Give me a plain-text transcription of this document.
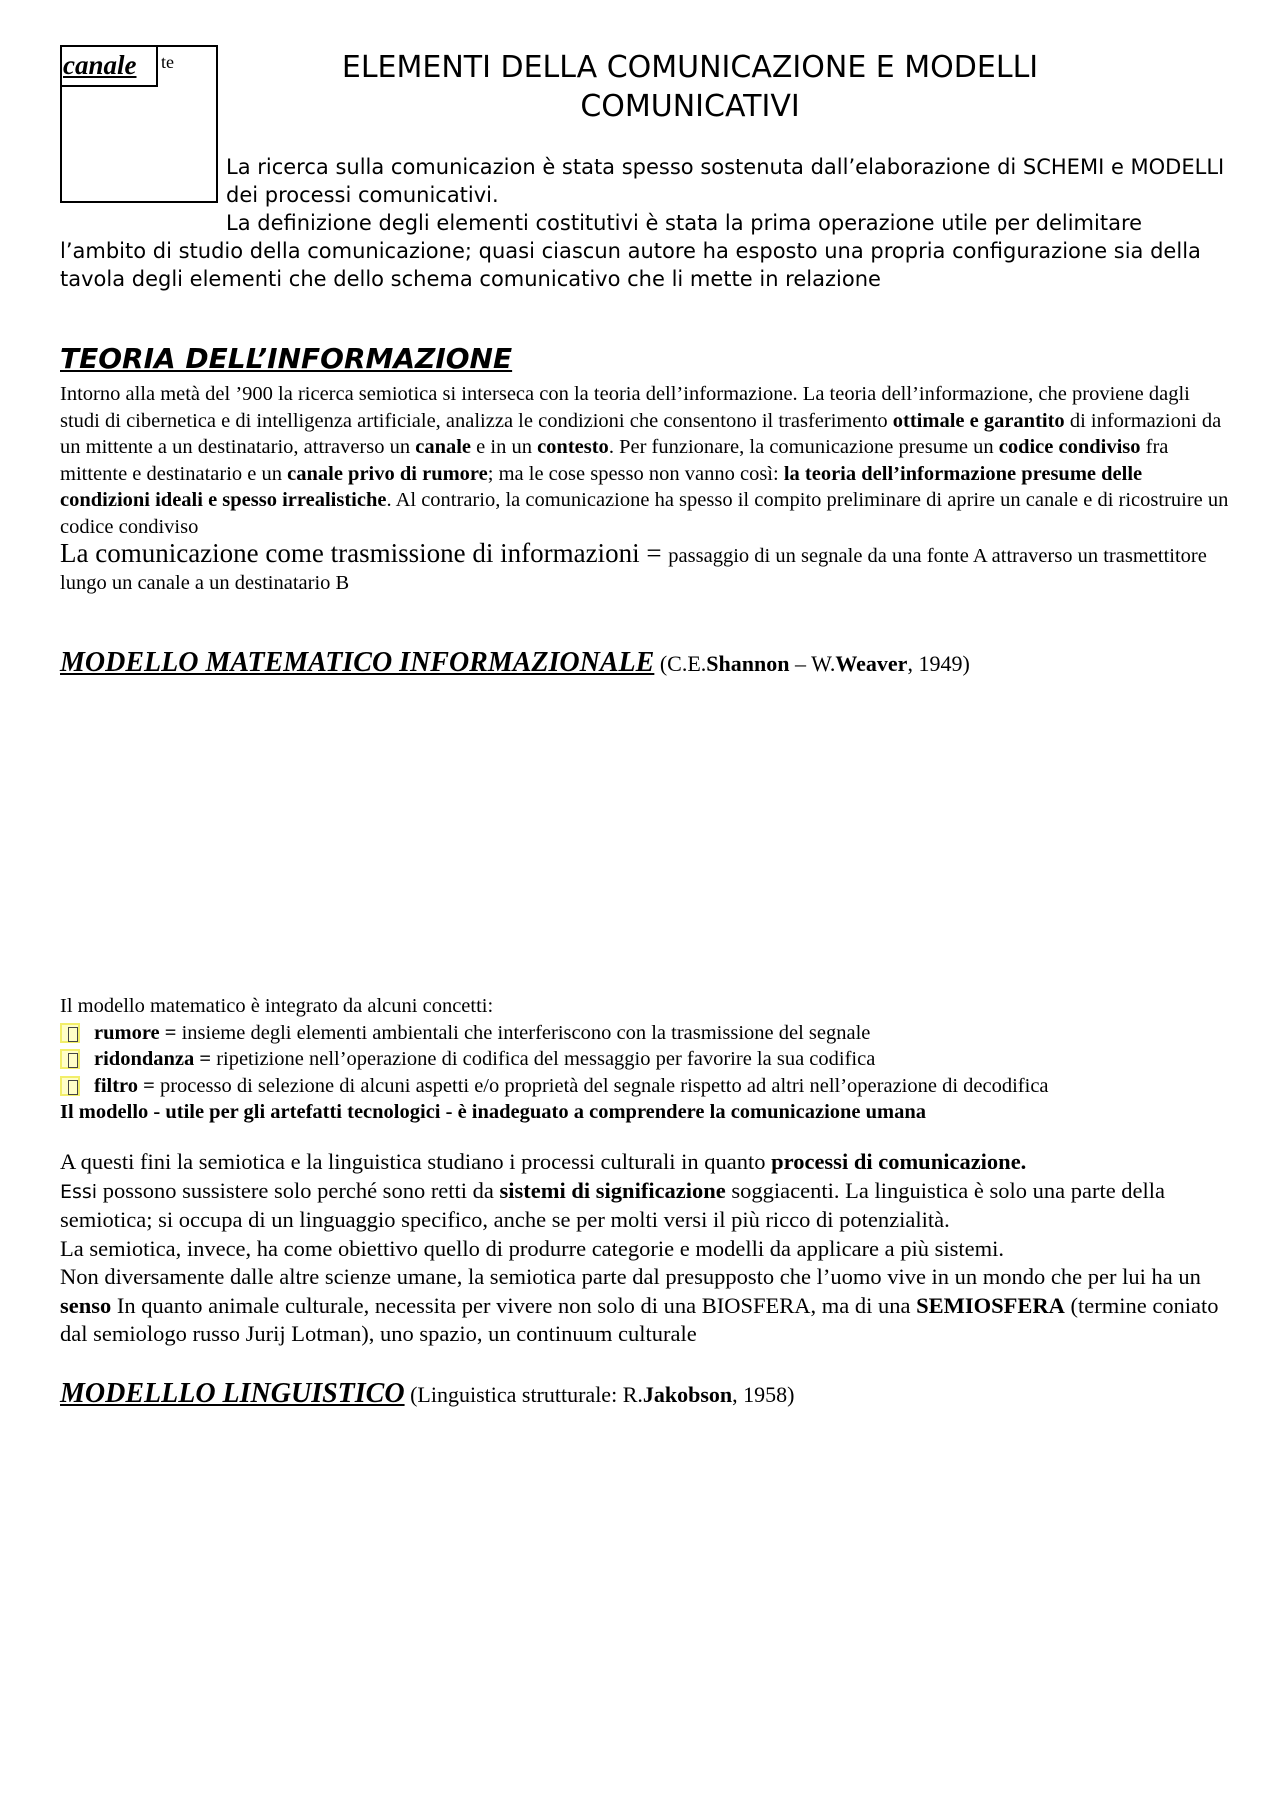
canale te	ELEMENTI DELLA COMUNICAZIONE E MODELLI
COMUNICATIVI

La ricerca sulla comunicazion è stata spesso sostenuta dall’elaborazione di SCHEMI e MODELLI dei processi comunicativi.

La definizione degli elementi costitutivi è stata la prima operazione utile per delimitare l’ambito di studio della comunicazione; quasi ciascun autore ha esposto una propria configurazione sia della tavola degli elementi che dello schema comunicativo che li mette in relazione

TEORIA DELL’INFORMAZIONE

Intorno alla metà del ’900 la ricerca semiotica si interseca con la teoria dell’informazione. La teoria dell’informazione, che proviene dagli studi di cibernetica e di intelligenza artificiale, analizza le condizioni che consentono il trasferimento ottimale e garantito di informazioni da un mittente a un destinatario, attraverso un canale e in un contesto. Per funzionare, la comunicazione presume un codice condiviso fra mittente e destinatario e un canale privo di rumore; ma le cose spesso non vanno così: la teoria dell’informazione presume delle condizioni ideali e spesso irrealistiche. Al contrario, la comunicazione ha spesso il compito preliminare di aprire un canale e di ricostruire un codice condiviso

La comunicazione come trasmissione di informazioni = passaggio di un segnale da una fonte A attraverso un trasmettitore lungo un canale a un destinatario B

MODELLO MATEMATICO INFORMAZIONALE (C.E.Shannon – W.Weaver, 1949)

Il modello matematico è integrato da alcuni concetti:

rumore = insieme degli elementi ambientali che interferiscono con la trasmissione del segnale

ridondanza = ripetizione nell’operazione di codifica del messaggio per favorire la sua codifica

filtro = processo di selezione di alcuni aspetti e/o proprietà del segnale rispetto ad altri nell’operazione di decodifica

Il modello - utile per gli artefatti tecnologici - è inadeguato a comprendere la comunicazione umana

A questi fini la semiotica e la linguistica studiano i processi culturali in quanto processi di comunicazione.

Essi possono sussistere solo perché sono retti da sistemi di significazione soggiacenti. La linguistica è solo una parte della semiotica; si occupa di un linguaggio specifico, anche se per molti versi il più ricco di potenzialità.

La semiotica, invece, ha come obiettivo quello di produrre categorie e modelli da applicare a più sistemi.

Non diversamente dalle altre scienze umane, la semiotica parte dal presupposto che l’uomo vive in un mondo che per lui ha un senso In quanto animale culturale, necessita per vivere non solo di una BIOSFERA, ma di una SEMIOSFERA (termine coniato dal semiologo russo Jurij Lotman), uno spazio, un continuum culturale

MODELLLO LINGUISTICO (Linguistica strutturale: R.Jakobson, 1958)
